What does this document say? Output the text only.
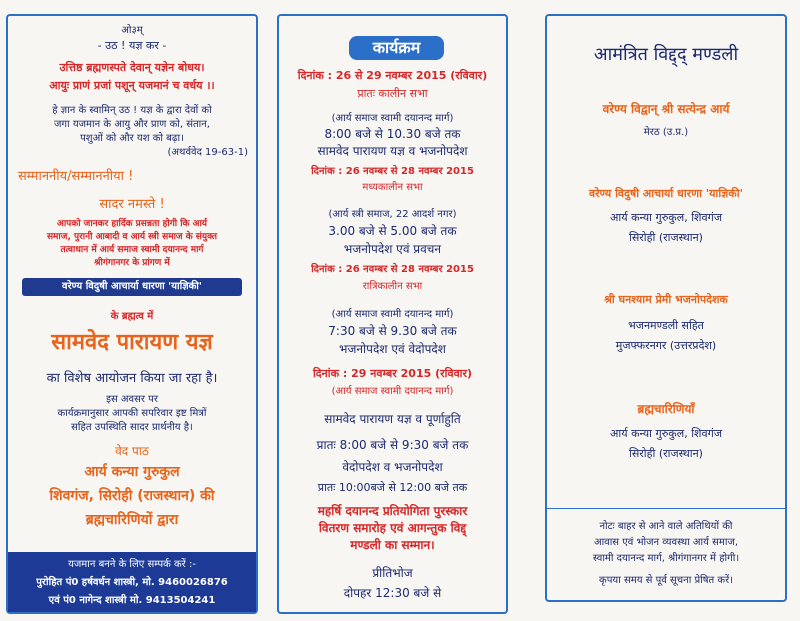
ओ३म्
- उठ ! यज्ञ कर -
उत्तिष्ठ ब्रह्मणस्पते देवान् यज्ञेन बोधय।
आयुः प्राणं प्रजां पशून् यजमानं च वर्धय ।।
हे ज्ञान के स्वामिन् उठ ! यज्ञ के द्वारा देवों को
जगा यजमान के आयु और प्राण को, संतान,
पशुओं को और यश को बढ़ा।
(अथर्ववेद 19-63-1)
सम्माननीय/सम्माननीया !
सादर नमस्ते !
आपको जानकर हार्दिक प्रसन्नता होगी कि आर्य
समाज, पुरानी आबादी व आर्य स्त्री समाज के संयुक्त
तत्वाधान में आर्य समाज स्वामी दयानन्द मार्ग
श्रीगंगानगर के प्रांगण में
वरेण्य विदुषी आचार्या धारणा 'याज्ञिकी'
के ब्रह्मत्व में
सामवेद पारायण यज्ञ
का विशेष आयोजन किया जा रहा है।
इस अवसर पर
कार्यक्रमानुसार आपकी सपरिवार इष्ट मित्रों
सहित उपस्थिति सादर प्रार्थनीय है।
वेद पाठ
आर्य कन्या गुरुकुल
शिवगंज, सिरोही (राजस्थान) की
ब्रह्मचारिणियों द्वारा
यजमान बनने के लिए सम्पर्क करें :-
पुरोहित पं0 हर्षवर्धन शास्त्री, मो. 9460026876
एवं पं0 नागेन्द शास्त्री मो. 9413504241
कार्यक्रम
दिनांक : 26 से 29 नवम्बर 2015 (रविवार)
प्रातः कालीन सभा
(आर्य समाज स्वामी दयानन्द मार्ग)
8:00 बजे से 10.30 बजे तक
सामवेद पारायण यज्ञ व भजनोपदेश
दिनांक : 26 नवम्बर से 28 नवम्बर 2015
मध्यकालीन सभा
(आर्य स्त्री समाज, 22 आदर्श नगर)
3.00 बजे से 5.00 बजे तक
भजनोपदेश एवं प्रवचन
दिनांक : 26 नवम्बर से 28 नवम्बर 2015
रात्रिकालीन सभा
(आर्य समाज स्वामी दयानन्द मार्ग)
7:30 बजे से 9.30 बजे तक
भजनोपदेश एवं वेदोपदेश
दिनांक : 29 नवम्बर 2015 (रविवार)
(आर्य समाज स्वामी दयानन्द मार्ग)
सामवेद पारायण यज्ञ व पूर्णाहुति
प्रातः 8:00 बजे से 9:30 बजे तक
वेदोपदेश व भजनोपदेश
प्रातः 10:00बजे से 12:00 बजे तक
महर्षि दयानन्द प्रतियोगिता पुरस्कार
वितरण समारोह एवं आगन्तुक विद्द्
मण्डली का सम्मान।
प्रीतिभोज
दोपहर 12:30 बजे से
आमंत्रित विद्द्द् मण्डली
वरेण्य विद्वान् श्री सत्येन्द्र आर्य
मेरठ (उ.प्र.)
वरेण्य विदुषी आचार्या धारणा 'याज्ञिकी'
आर्य कन्या गुरुकुल, शिवगंज
सिरोही (राजस्थान)
श्री घनश्याम प्रेमी भजनोपदेशक
भजनमण्डली सहित
मुजफ्फरनगर (उत्तरप्रदेश)
ब्रह्मचारिणियाँ
आर्य कन्या गुरुकुल, शिवगंज
सिरोही (राजस्थान)
नोटः बाहर से आने वाले अतिथियों की
आवास एवं भोजन व्यवस्था आर्य समाज,
स्वामी दयानन्द मार्ग, श्रीगंगानगर में होगी।
कृपया समय से पूर्व सूचना प्रेषित करें।
